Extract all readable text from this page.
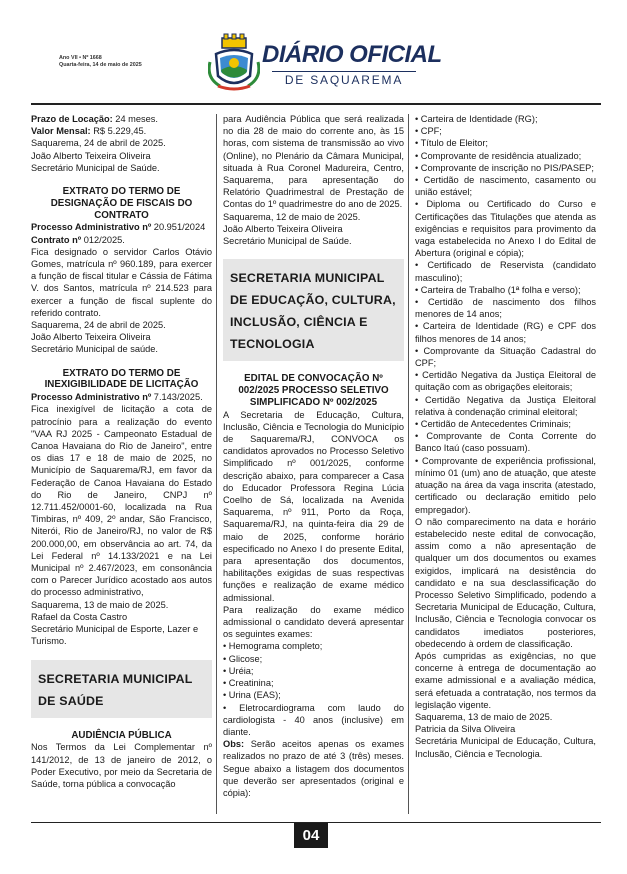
Ano VII • Nº 1668
Quarta-feira, 14 de maio de 2025	DIÁRIO OFICIAL
DE SAQUAREMA

Prazo de Locação: 24 meses.

Valor Mensal: R$ 5.229,45.

Saquarema, 24 de abril de 2025.

João Alberto Teixeira Oliveira

Secretário Municipal de Saúde.

EXTRATO DO TERMO DE DESIGNAÇÃO DE FISCAIS DO CONTRATO

Processo Administrativo nº 20.951/2024

Contrato nº 012/2025.

Fica designado o servidor Carlos Otávio Gomes, matrícula nº 960.189, para exercer a função de fiscal titular e Cássia de Fátima V. dos Santos, matrícula nº 214.523 para exercer a função de fiscal suplente do referido contrato.

Saquarema, 24 de abril de 2025.

João Alberto Teixeira Oliveira

Secretário Municipal de saúde.

EXTRATO DO TERMO DE INEXIGIBILIDADE DE LICITAÇÃO

Processo Administrativo nº 7.143/2025.

Fica inexigível de licitação a cota de patrocínio para a realização do evento "VAA RJ 2025 - Campeonato Estadual de Canoa Havaiana do Rio de Janeiro", entre os dias 17 e 18 de maio de 2025, no Município de Saquarema/RJ, em favor da Federação de Canoa Havaiana do Estado do Rio de Janeiro, CNPJ nº 12.711.452/0001-60, localizada na Rua Timbiras, nº 409, 2º andar, São Francisco, Niterói, Rio de Janeiro/RJ, no valor de R$ 200.000,00, em observância ao art. 74, da Lei Federal nº 14.133/2021 e na Lei Municipal nº 2.467/2023, em consonância com o Parecer Jurídico acostado aos autos do processo administrativo,

Saquarema, 13 de maio de 2025.

Rafael da Costa Castro

Secretário Municipal de Esporte, Lazer e Turismo.

SECRETARIA MUNICIPAL DE SAÚDE

AUDIÊNCIA PÚBLICA

Nos Termos da Lei Complementar nº 141/2012, de 13 de janeiro de 2012, o Poder Executivo, por meio da Secretaria de Saúde, torna pública a convocação

para Audiência Pública que será realizada no dia 28 de maio do corrente ano, às 15 horas, com sistema de transmissão ao vivo (Online), no Plenário da Câmara Municipal, situada à Rua Coronel Madureira, Centro, Saquarema, para apresentação do Relatório Quadrimestral de Prestação de Contas do 1º quadrimestre do ano de 2025.

Saquarema, 12 de maio de 2025.

João Alberto Teixeira Oliveira

Secretário Municipal de Saúde.

SECRETARIA MUNICIPAL DE EDUCAÇÃO, CULTURA, INCLUSÃO, CIÊNCIA E TECNOLOGIA

EDITAL DE CONVOCAÇÃO Nº 002/2025 PROCESSO SELETIVO SIMPLIFICADO Nº 002/2025

A Secretaria de Educação, Cultura, Inclusão, Ciência e Tecnologia do Município de Saquarema/RJ, CONVOCA os candidatos aprovados no Processo Seletivo Simplificado nº 001/2025, conforme descrição abaixo, para comparecer a Casa do Educador Professora Regina Lúcia Coelho de Sá, localizada na Avenida Saquarema, nº 911, Porto da Roça, Saquarema/RJ, na quinta-feira dia 29 de maio de 2025, conforme horário especificado no Anexo I do presente Edital, para apresentação dos documentos, habilitações exigidas de suas respectivas funções e realização de exame médico admissional.

Para realização do exame médico admissional o candidato deverá apresentar os seguintes exames:

• Hemograma completo;

• Glicose;

• Uréia;

• Creatinina;

• Urina (EAS);

• Eletrocardiograma com laudo do cardiologista - 40 anos (inclusive) em diante.

Obs: Serão aceitos apenas os exames realizados no prazo de até 3 (três) meses. Segue abaixo a listagem dos documentos que deverão ser apresentados (original e cópia):

• Carteira de Identidade (RG);

• CPF;

• Título de Eleitor;

• Comprovante de residência atualizado;

• Comprovante de inscrição no PIS/PASEP;

• Certidão de nascimento, casamento ou união estável;

• Diploma ou Certificado do Curso e Certificações das Titulações que atenda as exigências e requisitos para provimento da vaga estabelecida no Anexo I do Edital de Abertura (original e cópia);

• Certificado de Reservista (candidato masculino);

• Carteira de Trabalho (1ª folha e verso);

• Certidão de nascimento dos filhos menores de 14 anos;

• Carteira de Identidade (RG) e CPF dos filhos menores de 14 anos;

• Comprovante da Situação Cadastral do CPF;

• Certidão Negativa da Justiça Eleitoral de quitação com as obrigações eleitorais;

• Certidão Negativa da Justiça Eleitoral relativa à condenação criminal eleitoral;

• Certidão de Antecedentes Criminais;

• Comprovante de Conta Corrente do Banco Itaú (caso possuam).

• Comprovante de experiência profissional, mínimo 01 (um) ano de atuação, que ateste atuação na área da vaga inscrita (atestado, certificado ou declaração emitido pelo empregador).

O não comparecimento na data e horário estabelecido neste edital de convocação, assim como a não apresentação de qualquer um dos documentos ou exames exigidos, implicará na desistência do candidato e na sua desclassificação do Processo Seletivo Simplificado, podendo a Secretaria Municipal de Educação, Cultura, Inclusão, Ciência e Tecnologia convocar os candidatos imediatos posteriores, obedecendo à ordem de classificação.

Após cumpridas as exigências, no que concerne à entrega de documentação ao exame admissional e a avaliação médica, será efetuada a contratação, nos termos da legislação vigente.

Saquarema, 13 de maio de 2025.

Patricia da Silva Oliveira

Secretária Municipal de Educação, Cultura, Inclusão, Ciência e Tecnologia.

04
